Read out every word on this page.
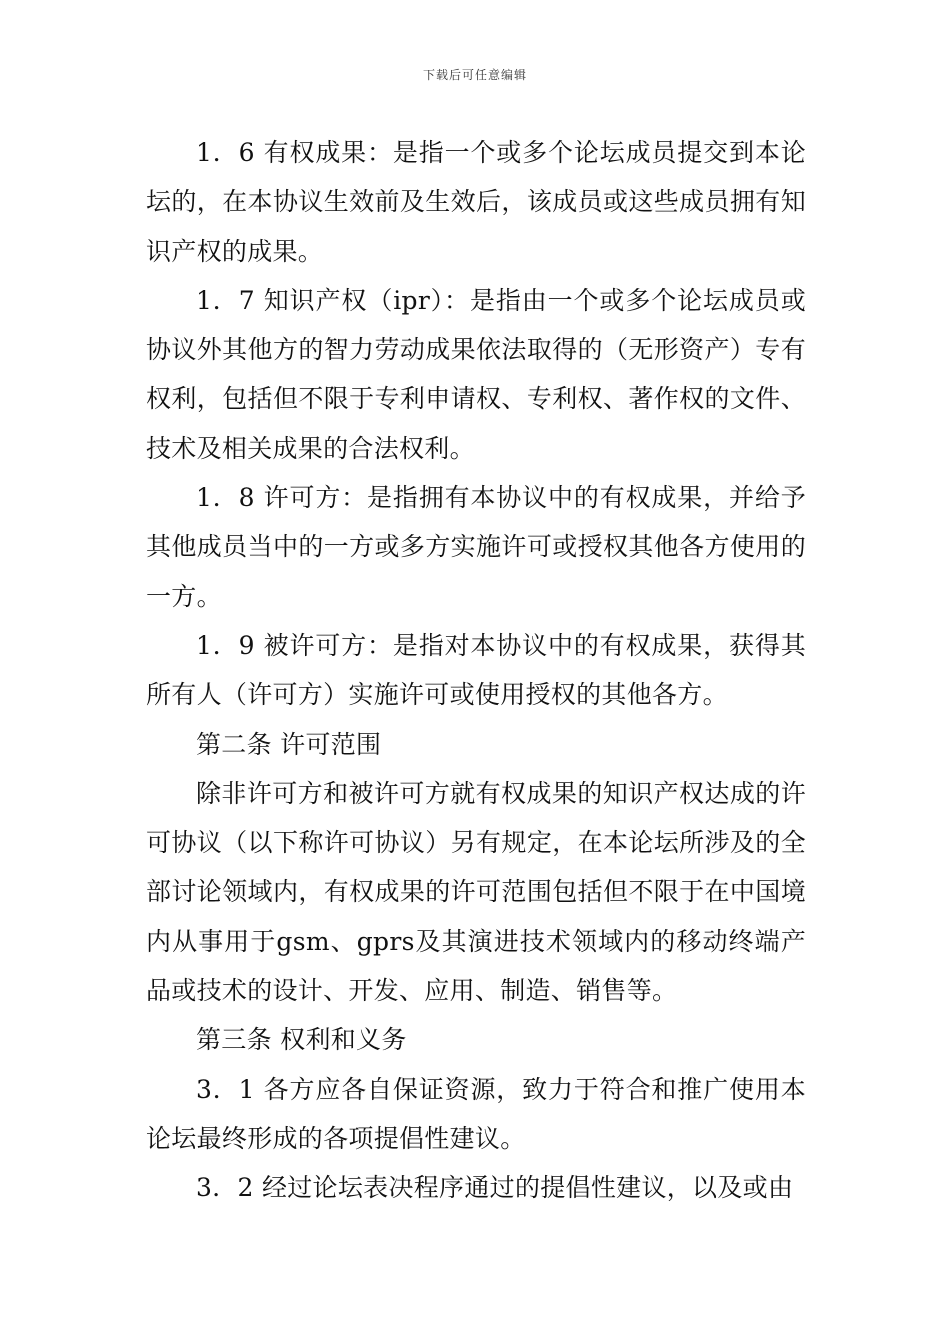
下载后可任意编辑

1．6 有权成果：是指一个或多个论坛成员提交到本论坛的，在本协议生效前及生效后，该成员或这些成员拥有知识产权的成果。

1．7 知识产权（ipr）：是指由一个或多个论坛成员或协议外其他方的智力劳动成果依法取得的（无形资产）专有权利，包括但不限于专利申请权、专利权、著作权的文件、技术及相关成果的合法权利。

1．8 许可方：是指拥有本协议中的有权成果，并给予其他成员当中的一方或多方实施许可或授权其他各方使用的一方。

1．9 被许可方：是指对本协议中的有权成果，获得其所有人（许可方）实施许可或使用授权的其他各方。

第二条 许可范围

除非许可方和被许可方就有权成果的知识产权达成的许可协议（以下称许可协议）另有规定，在本论坛所涉及的全部讨论领域内，有权成果的许可范围包括但不限于在中国境内从事用于gsm、gprs及其演进技术领域内的移动终端产品或技术的设计、开发、应用、制造、销售等。

第三条 权利和义务

3．1 各方应各自保证资源，致力于符合和推广使用本论坛最终形成的各项提倡性建议。

3．2 经过论坛表决程序通过的提倡性建议，以及或由
